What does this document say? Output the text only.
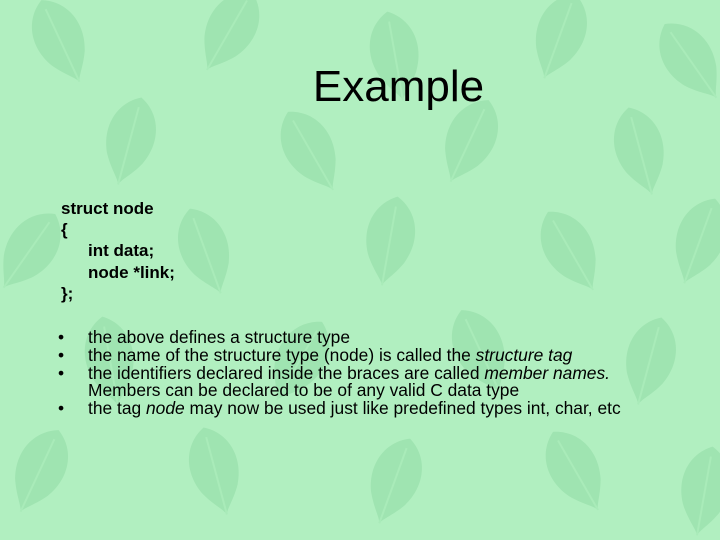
Example
struct node
{
int data;
node *link;
};
• the above defines a structure type
• the name of the structure type (node) is called the structure tag
• the identifiers declared inside the braces are called member names. Members can be declared to be of any valid C data type
• the tag node may now be used just like predefined types int, char, etc
